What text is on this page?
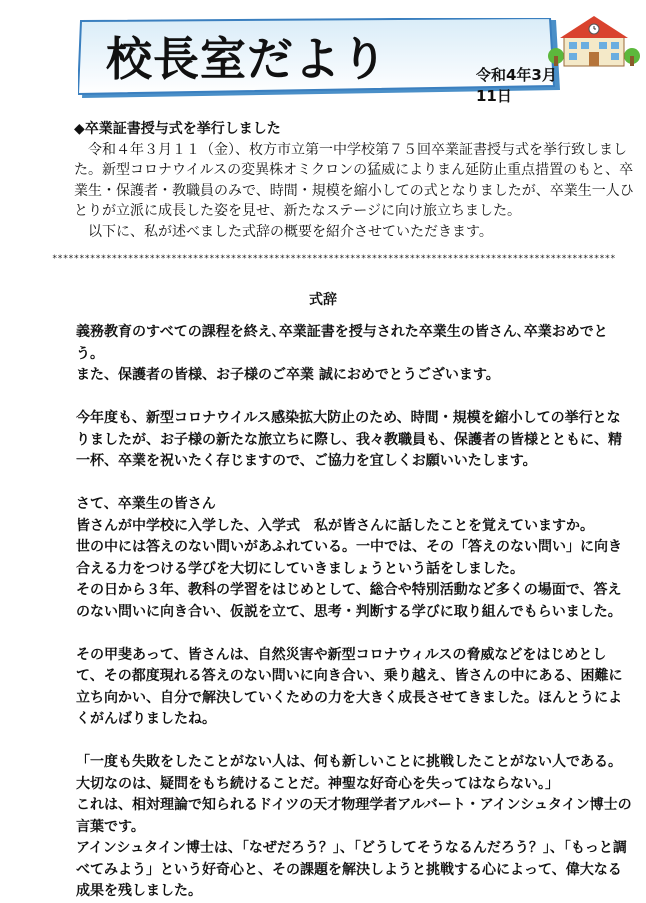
校長室だより	令和4年3月11日

◆卒業証書授与式を挙行しました

令和４年３月１１（金）、枚方市立第一中学校第７５回卒業証書授与式を挙行致しました。新型コロナウイルスの変異株オミクロンの猛威によりまん延防止重点措置のもと、卒業生・保護者・教職員のみで、時間・規模を縮小しての式となりましたが、卒業生一人ひとりが立派に成長した姿を見せ、新たなステージに向け旅立ちました。

以下に、私が述べました式辞の概要を紹介させていただきます。

********************************************************************************************************
式辞

義務教育のすべての課程を終え､卒業証書を授与された卒業生の皆さん､卒業おめでとう。

また、保護者の皆様、お子様のご卒業 誠におめでとうございます。

今年度も、新型コロナウイルス感染拡大防止のため、時間・規模を縮小しての挙行となりましたが、お子様の新たな旅立ちに際し、我々教職員も、保護者の皆様とともに、精一杯、卒業を祝いたく存じますので、ご協力を宜しくお願いいたします。

さて、卒業生の皆さん

皆さんが中学校に入学した、入学式　私が皆さんに話したことを覚えていますか。

世の中には答えのない問いがあふれている。一中では、その「答えのない問い」に向き合える力をつける学びを大切にしていきましょうという話をしました。

その日から３年、教科の学習をはじめとして、総合や特別活動など多くの場面で、答えのない問いに向き合い、仮説を立て、思考・判断する学びに取り組んでもらいました。

その甲斐あって、皆さんは、自然災害や新型コロナウィルスの脅威などをはじめとして、その都度現れる答えのない問いに向き合い、乗り越え、皆さんの中にある、困難に立ち向かい、自分で解決していくための力を大きく成長させてきました。ほんとうによくがんばりましたね。

「一度も失敗をしたことがない人は、何も新しいことに挑戦したことがない人である。

大切なのは、疑問をもち続けることだ。神聖な好奇心を失ってはならない。」

これは、相対理論で知られるドイツの天才物理学者アルバート・アインシュタイン博士の言葉です。

アインシュタイン博士は、「なぜだろう？」、「どうしてそうなるんだろう？」、「もっと調べてみよう」という好奇心と、その課題を解決しようと挑戦する心によって、偉大なる成果を残しました。
